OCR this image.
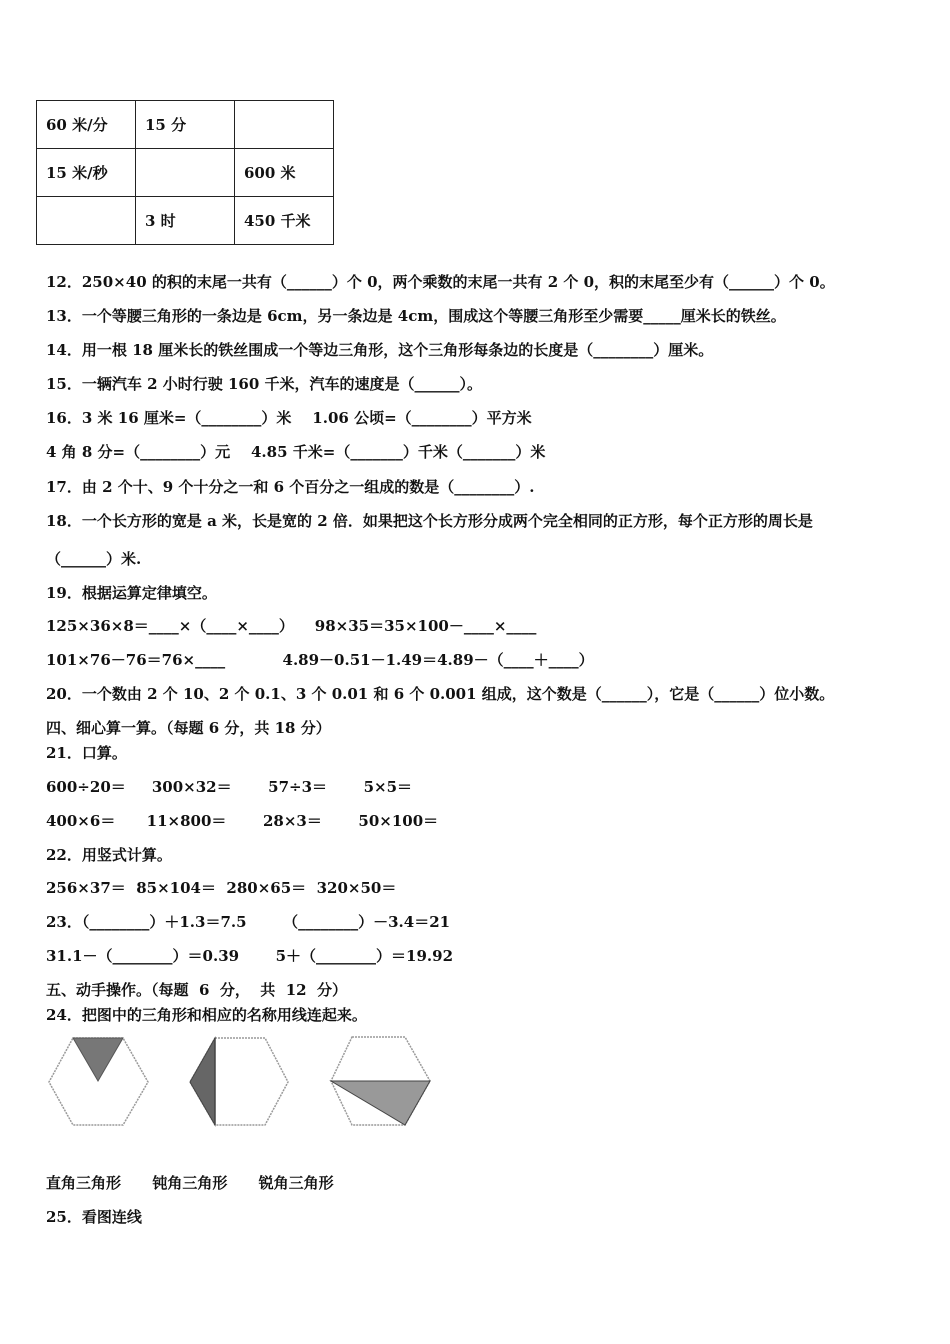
60 米/分	15 分	
15 米/秒		600 米
	3 时	450 千米
12．250×40 的积的末尾一共有（______）个 0，两个乘数的末尾一共有 2 个 0，积的末尾至少有（______）个 0。
13．一个等腰三角形的一条边是 6cm，另一条边是 4cm，围成这个等腰三角形至少需要_____厘米长的铁丝。
14．用一根 18 厘米长的铁丝围成一个等边三角形，这个三角形每条边的长度是（________）厘米。
15．一辆汽车 2 小时行驶 160 千米，汽车的速度是（______）。
16．3 米 16 厘米=（________）米    1.06 公顷=（________）平方米
4 角 8 分=（________）元    4.85 千米=（_______）千米（_______）米
17．由 2 个十、9 个十分之一和 6 个百分之一组成的数是（________）.
18．一个长方形的宽是 a 米，长是宽的 2 倍．如果把这个长方形分成两个完全相同的正方形，每个正方形的周长是
（______）米.
19．根据运算定律填空。
125×36×8＝____×（____×____）    98×35＝35×100－____×____
101×76－76＝76×____           4.89－0.51－1.49＝4.89－（____＋____）
20．一个数由 2 个 10、2 个 0.1、3 个 0.01 和 6 个 0.001 组成，这个数是（______），它是（______）位小数。
四、细心算一算。（每题 6 分，共 18 分）
21．口算。
600÷20＝     300×32＝       57÷3＝       5×5＝
400×6＝      11×800＝       28×3＝       50×100＝
22．用竖式计算。
256×37＝  85×104＝  280×65＝  320×50＝
23．（________）＋1.3＝7.5       （________）－3.4＝21
31.1－（________）＝0.39       5＋（________）＝19.92
五、动手操作。（每题  6  分，  共  12  分）
24．把图中的三角形和相应的名称用线连起来。
直角三角形      钝角三角形      锐角三角形
25．看图连线
